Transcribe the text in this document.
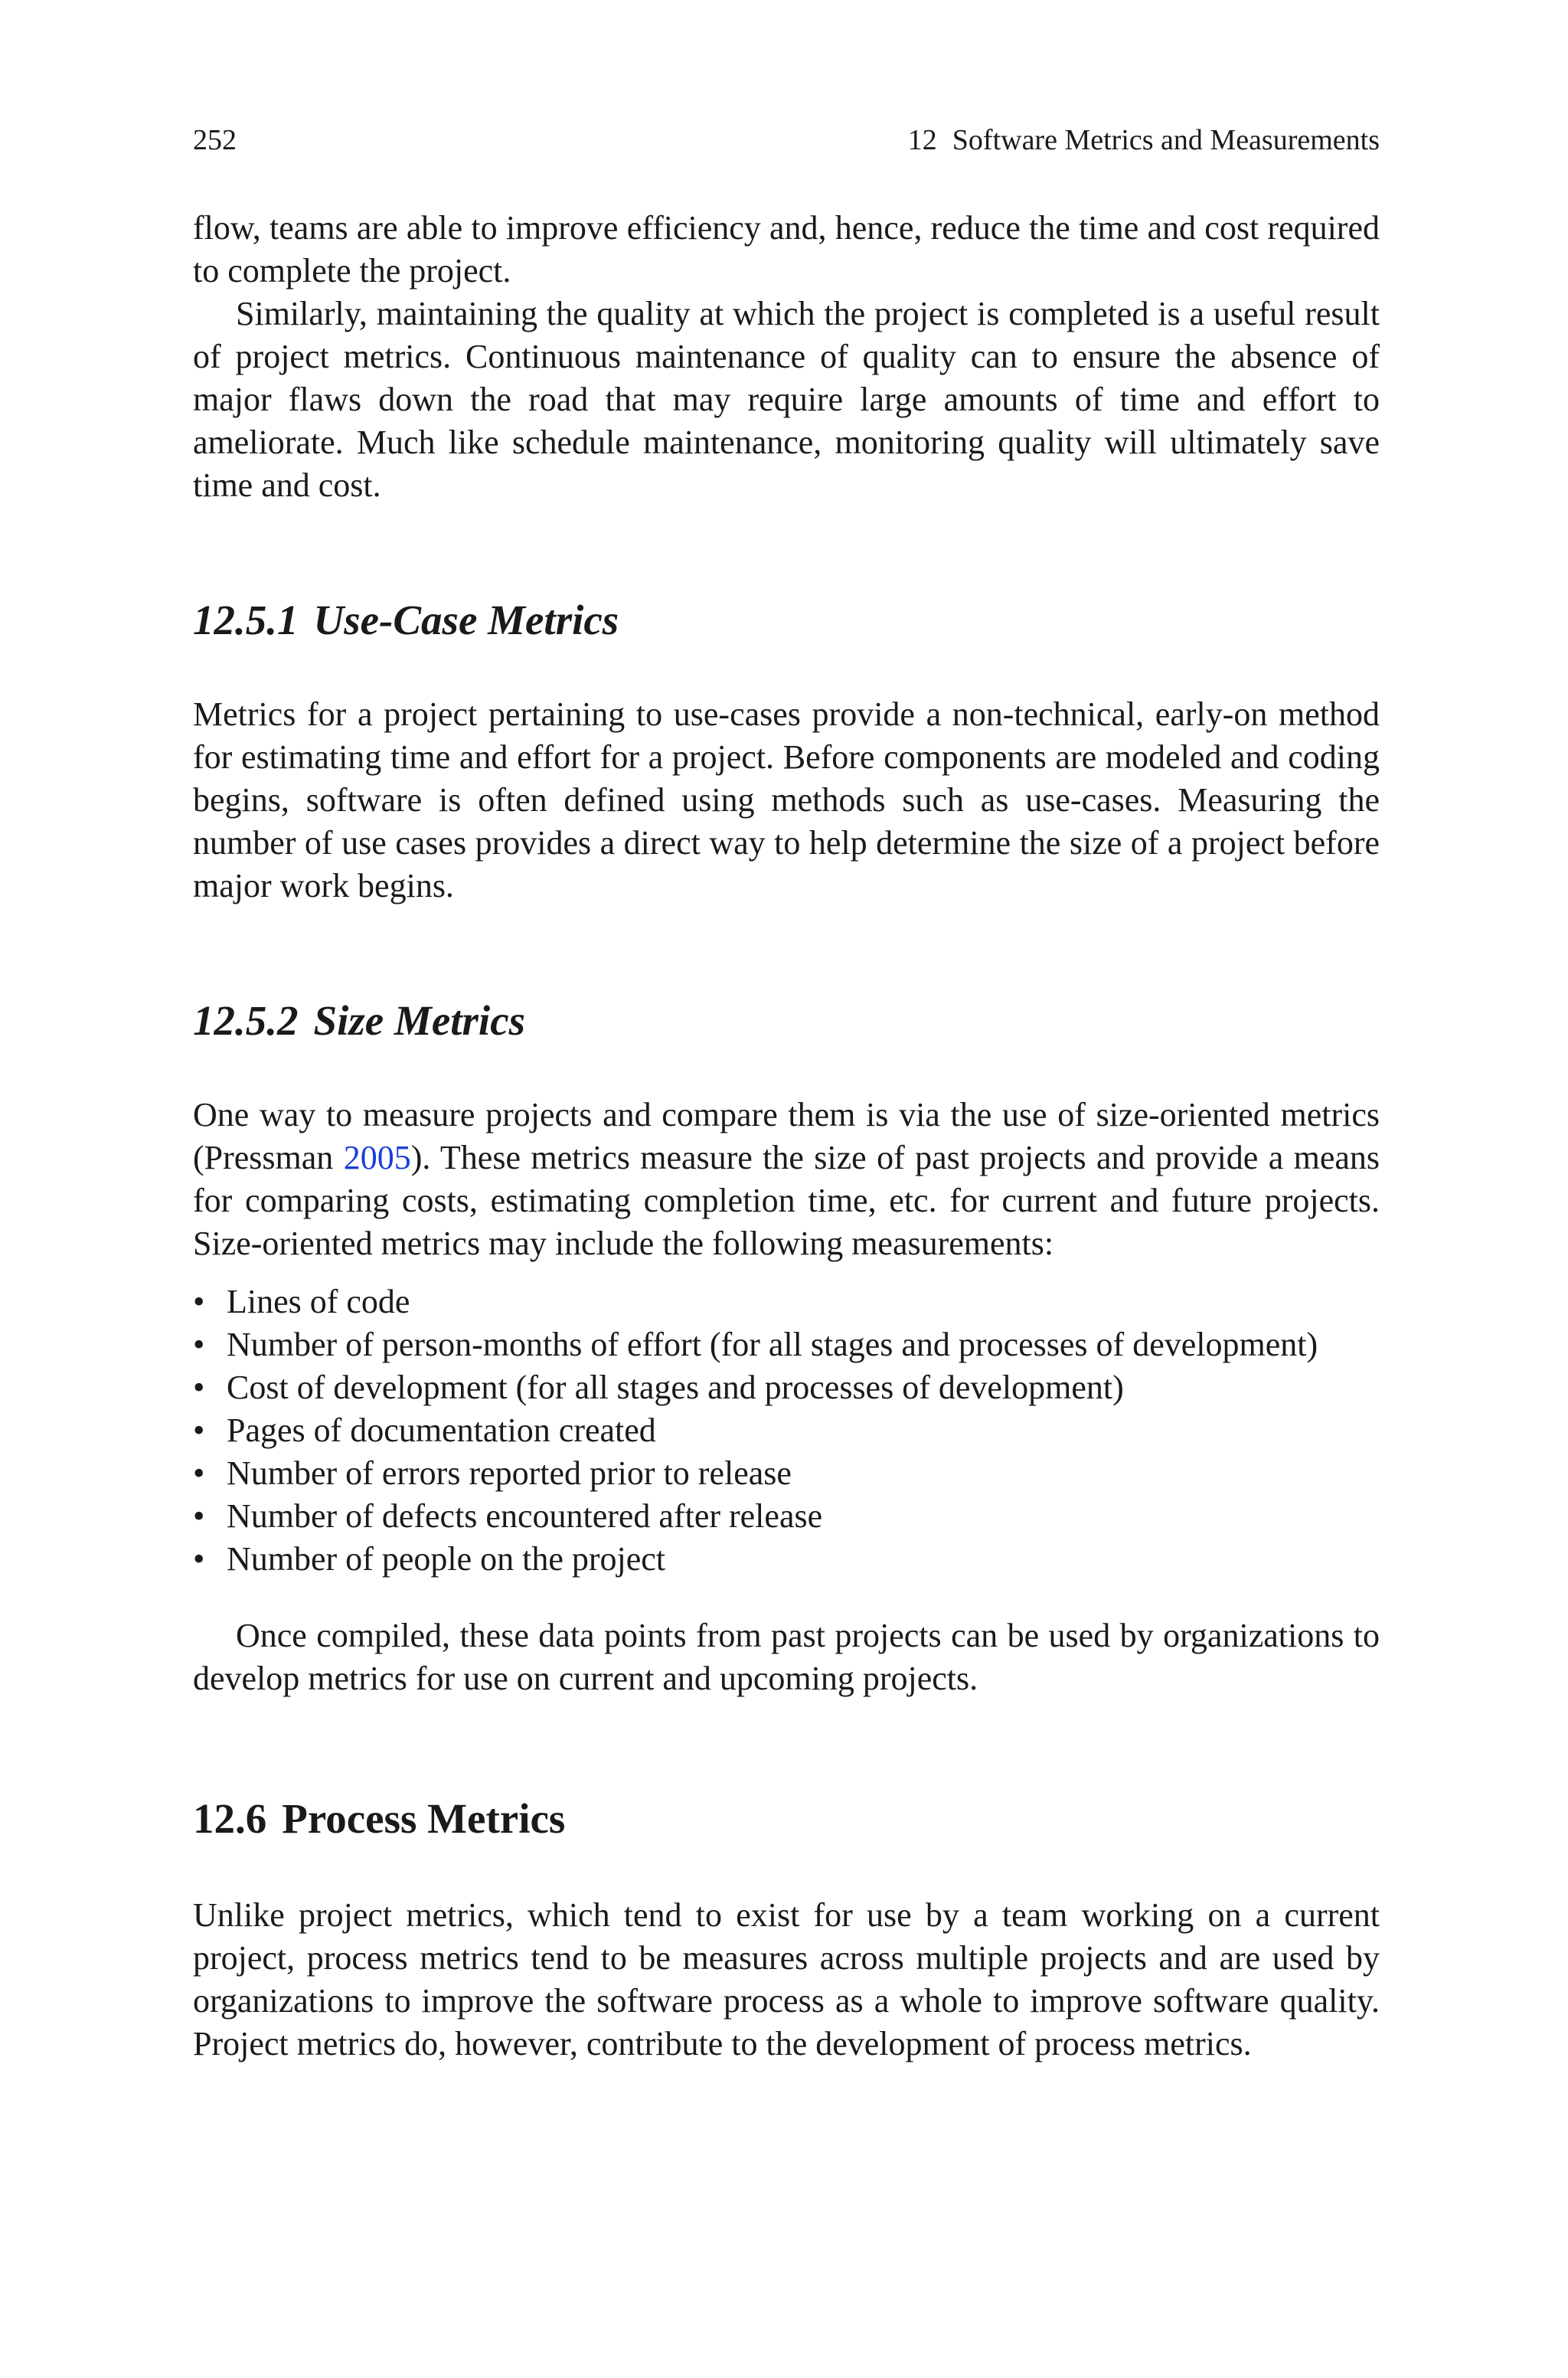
252	12 Software Metrics and Measurements

flow, teams are able to improve efficiency and, hence, reduce the time and cost required to complete the project.

Similarly, maintaining the quality at which the project is completed is a useful result of project metrics. Continuous maintenance of quality can to ensure the absence of major flaws down the road that may require large amounts of time and effort to ameliorate. Much like schedule maintenance, monitoring quality will ultimately save time and cost.

12.5.1 Use-Case Metrics

Metrics for a project pertaining to use-cases provide a non-technical, early-on method for estimating time and effort for a project. Before components are modeled and coding begins, software is often defined using methods such as use-cases. Measuring the number of use cases provides a direct way to help determine the size of a project before major work begins.

12.5.2 Size Metrics

One way to measure projects and compare them is via the use of size-oriented metrics (Pressman 2005). These metrics measure the size of past projects and provide a means for comparing costs, estimating completion time, etc. for current and future projects. Size-oriented metrics may include the following measurements:

• Lines of code
• Number of person-months of effort (for all stages and processes of development)
• Cost of development (for all stages and processes of development)
• Pages of documentation created
• Number of errors reported prior to release
• Number of defects encountered after release
• Number of people on the project

Once compiled, these data points from past projects can be used by organizations to develop metrics for use on current and upcoming projects.

12.6 Process Metrics

Unlike project metrics, which tend to exist for use by a team working on a current project, process metrics tend to be measures across multiple projects and are used by organizations to improve the software process as a whole to improve software quality. Project metrics do, however, contribute to the development of process metrics.
